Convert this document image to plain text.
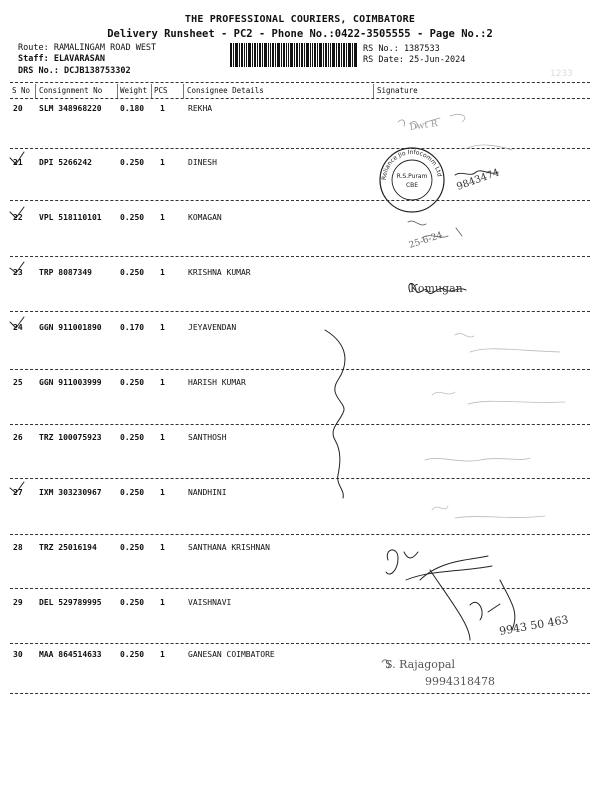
THE PROFESSIONAL COURIERS, COIMBATORE
Delivery Runsheet - PC2 - Phone No.:0422-3505555 - Page No.:2
Route: RAMALINGAM ROAD WEST
Staff: ELAVARASAN
DRS No.: DCJB138753302
RS No.: 1387533
RS Date: 25-Jun-2024
1233
S No Consignment No Weight PCS	Consignee Details	Signature
20 SLM 348968220 0.180 1	REKHA
21 DPI 5266242	0.250 1	DINESH
22 VPL 518110101 0.250 1	KOMAGAN
23 TRP 8087349	0.250 1	KRISHNA KUMAR
24 GGN 911001890 0.170 1	JEYAVENDAN
25 GGN 911003999 0.250 1	HARISH KUMAR
26 TRZ 100075923 0.250 1	SANTHOSH
27 IXM 303230967 0.250 1	NANDHINI
28 TRZ 25016194	0.250 1	SANTHANA KRISHNAN
29 DEL 529789995 0.250 1	VAISHNAVI
30 MAA 864514633 0.250 1	GANESAN COIMBATORE
Dwt R
9843474
25-6-24
Komugan
9943 50 463
S. Rajagopal
9994318478
Reliance Jio Infocomm Ltd
R.S.Puram
CBE
